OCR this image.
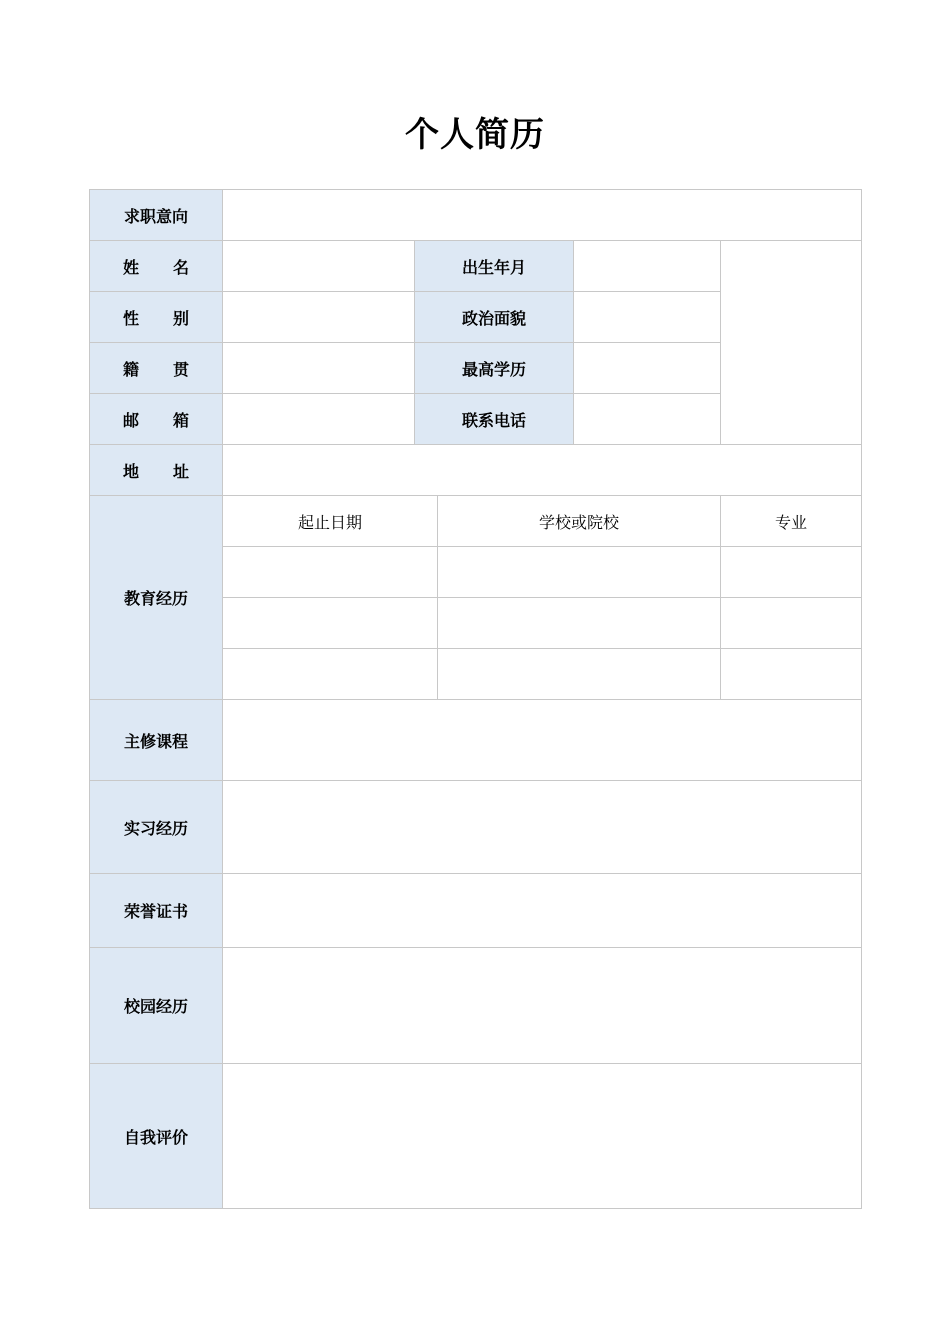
个人简历
求职意向					

姓 名		出生年月			

性 别		政治面貌			

籍 贯		最高学历			

邮 箱		联系电话			

地 址					

教育经历	起止日期		学校或院校		专业

主修课程					
实习经历					
荣誉证书					
校园经历					
自我评价					
